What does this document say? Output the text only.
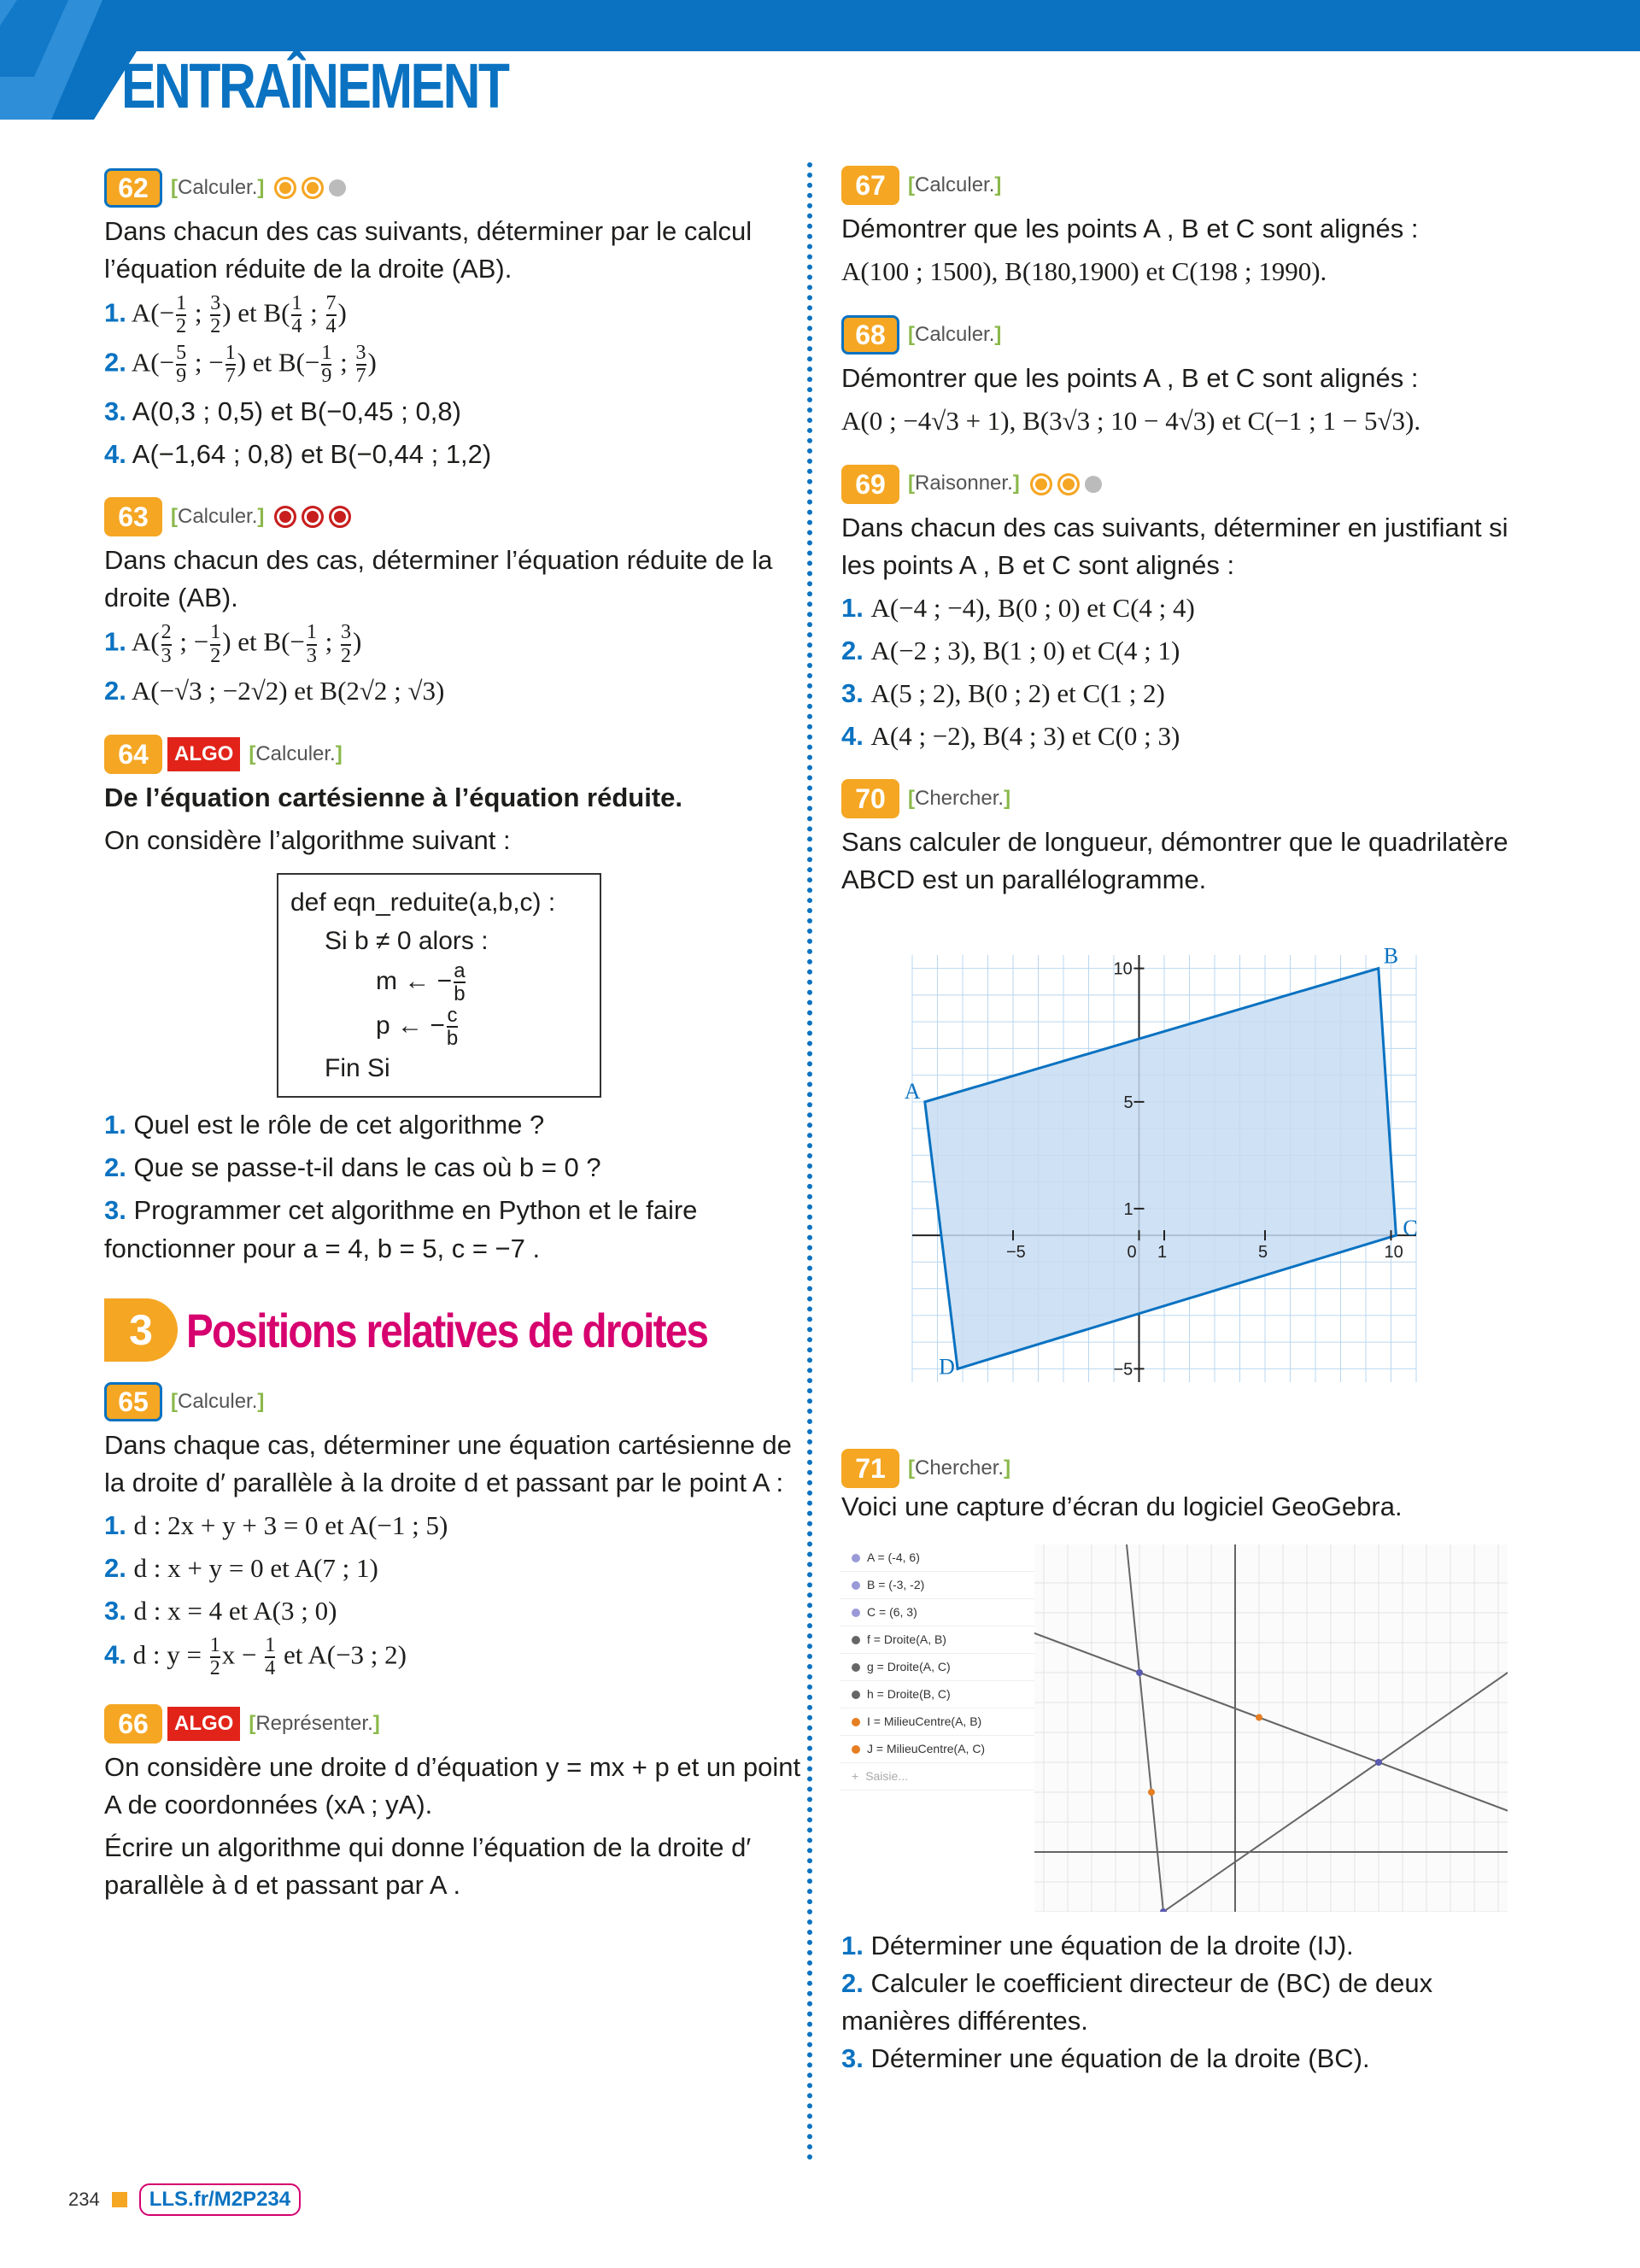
ENTRAÎNEMENT
62 [Calculer.]

Dans chacun des cas suivants, déterminer par le calcul l’équation réduite de la droite (AB).

1. $A(- \frac{1}{2}$ ; $\frac{3}{2}$ ) et $B( \frac{1}{4}$ ; $\frac{7}{4}$ )

2. $A(- \frac{5}{9}$ ; − $\frac{1}{7}$ ) et $B(- \frac{1}{9}$ ; $\frac{3}{7}$ )

3. A(0,3 ; 0,5) et B(−0,45 ; 0,8)

4. A(−1,64 ; 0,8) et B(−0,44 ; 1,2)

63 [Calculer.]

Dans chacun des cas, déterminer l’équation réduite de la droite (AB).

1. $A( \frac{2}{3}$ ; − $\frac{1}{2}$ ) et $B(- \frac{1}{3}$ ; $\frac{3}{2}$ )

2. A(−√3 ; −2√2) et B(2√2 ; √3)

64 ALGO [Calculer.]

De l’équation cartésienne à l’équation réduite.

On considère l’algorithme suivant :

def eqn_reduite(a,b,c) :
Si b ≠ 0 alors :
m ← − $\frac{a}{b}$
p ← − $\frac{c}{b}$
Fin Si

1. Quel est le rôle de cet algorithme ?

2. Que se passe-t-il dans le cas où b = 0 ?

3. Programmer cet algorithme en Python et le faire fonctionner pour a = 4, b = 5, c = −7 .

3 Positions relatives de droites
65 [Calculer.]

Dans chaque cas, déterminer une équation cartésienne de la droite d′ parallèle à la droite d et passant par le point A :

1. d : 2x + y + 3 = 0 et A(−1 ; 5)

2. d : x + y = 0 et A(7 ; 1)

3. d : x = 4 et A(3 ; 0)

4. d : $y = \frac{1}{2}$ $x - \frac{1}{4}$ et A(−3 ; 2)

66 ALGO [Représenter.]

On considère une droite d d’équation y = mx + p et un point A de coordonnées (xA ; yA).

Écrire un algorithme qui donne l’équation de la droite d′ parallèle à d et passant par A .

67 [Calculer.]

Démontrer que les points A , B et C sont alignés :

A(100 ; 1500), B(180,1900) et C(198 ; 1990).

68 [Calculer.]

Démontrer que les points A , B et C sont alignés :

A(0 ; −4√3 + 1), B(3√3 ; 10 − 4√3) et C(−1 ; 1 − 5√3).

69 [Raisonner.]

Dans chacun des cas suivants, déterminer en justifiant si les points A , B et C sont alignés :

1. A(−4 ; −4), B(0 ; 0) et C(4 ; 4)

2. A(−2 ; 3), B(1 ; 0) et C(4 ; 1)

3. A(5 ; 2), B(0 ; 2) et C(1 ; 2)

4. A(4 ; −2), B(4 ; 3) et C(0 ; 3)

70 [Chercher.]

Sans calculer de longueur, démontrer que le quadrilatère ABCD est un parallélogramme.

A
B
C
D
−5	0 1	5	10
10
5
1
−5
71 [Chercher.]

Voici une capture d’écran du logiciel GeoGebra.

A = (-4, 6)
B = (-3, -2)
C = (6, 3)
f = Droite(A, B)
g = Droite(A, C)
h = Droite(B, C)
I = MilieuCentre(A, B)
J = MilieuCentre(A, C)
+ Saisie...

1. Déterminer une équation de la droite (IJ).

2. Calculer le coefficient directeur de (BC) de deux manières différentes.

3. Déterminer une équation de la droite (BC).

234	LLS.fr/M2P234
